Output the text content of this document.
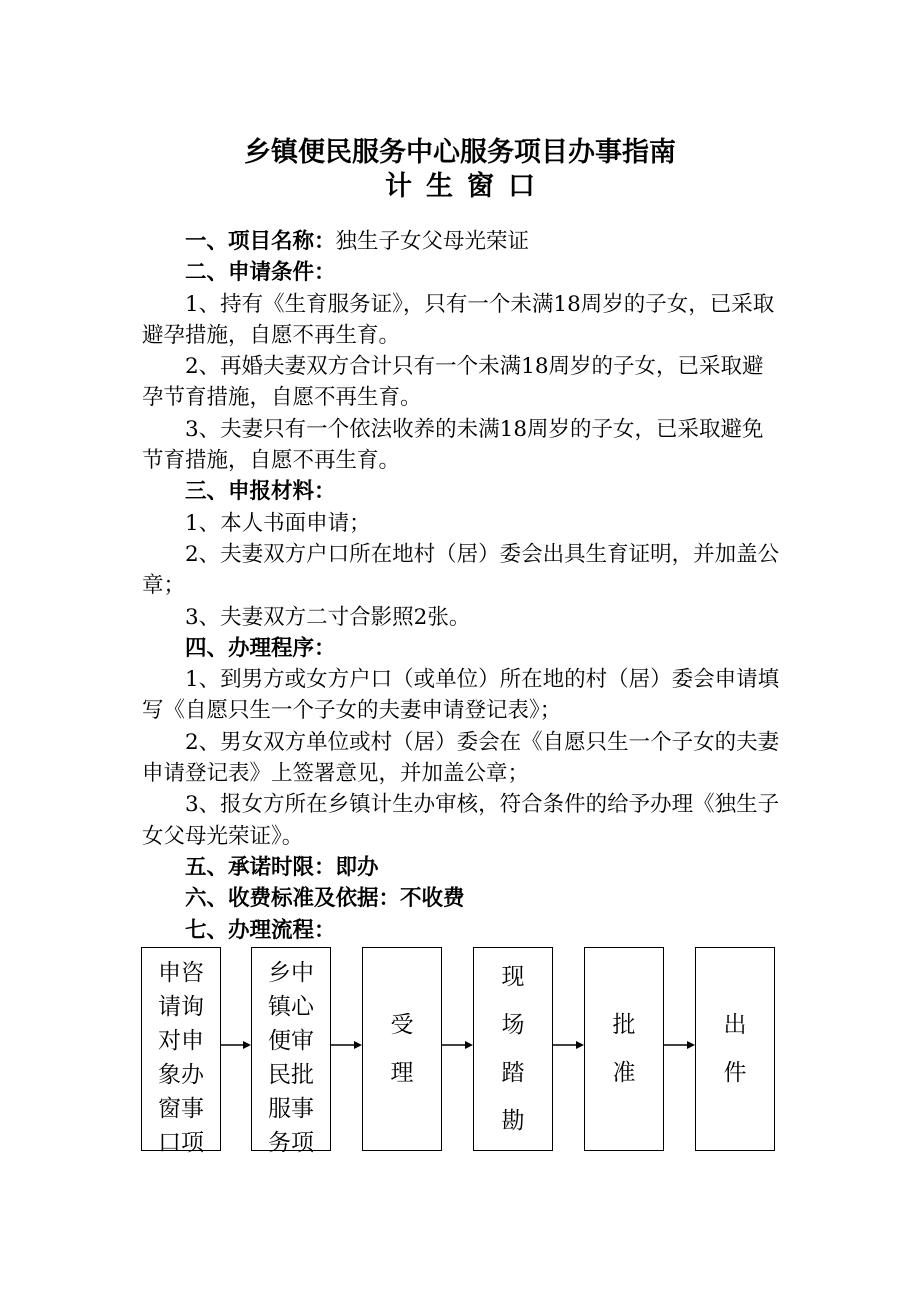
乡镇便民服务中心服务项目办事指南
计生窗口

一、项目名称：独生子女父母光荣证

二、申请条件：

1、持有《生育服务证》，只有一个未满18周岁的子女，已采取避孕措施，自愿不再生育。

2、再婚夫妻双方合计只有一个未满18周岁的子女，已采取避孕节育措施，自愿不再生育。

3、夫妻只有一个依法收养的未满18周岁的子女，已采取避免节育措施，自愿不再生育。

三、申报材料：

1、本人书面申请；

2、夫妻双方户口所在地村（居）委会出具生育证明，并加盖公章；

3、夫妻双方二寸合影照2张。

四、办理程序：

1、到男方或女方户口（或单位）所在地的村（居）委会申请填写《自愿只生一个子女的夫妻申请登记表》；

2、男女双方单位或村（居）委会在《自愿只生一个子女的夫妻申请登记表》上签署意见，并加盖公章；

3、报女方所在乡镇计生办审核，符合条件的给予办理《独生子女父母光荣证》。

五、承诺时限：即办

六、收费标准及依据：不收费

七、办理流程：

申
请
对
象
窗
口
咨
询
申
办
事
项
乡
镇
便
民
服
务
中
心
审
批
事
项
受
理
现
场
踏
勘
批
准
出
件
